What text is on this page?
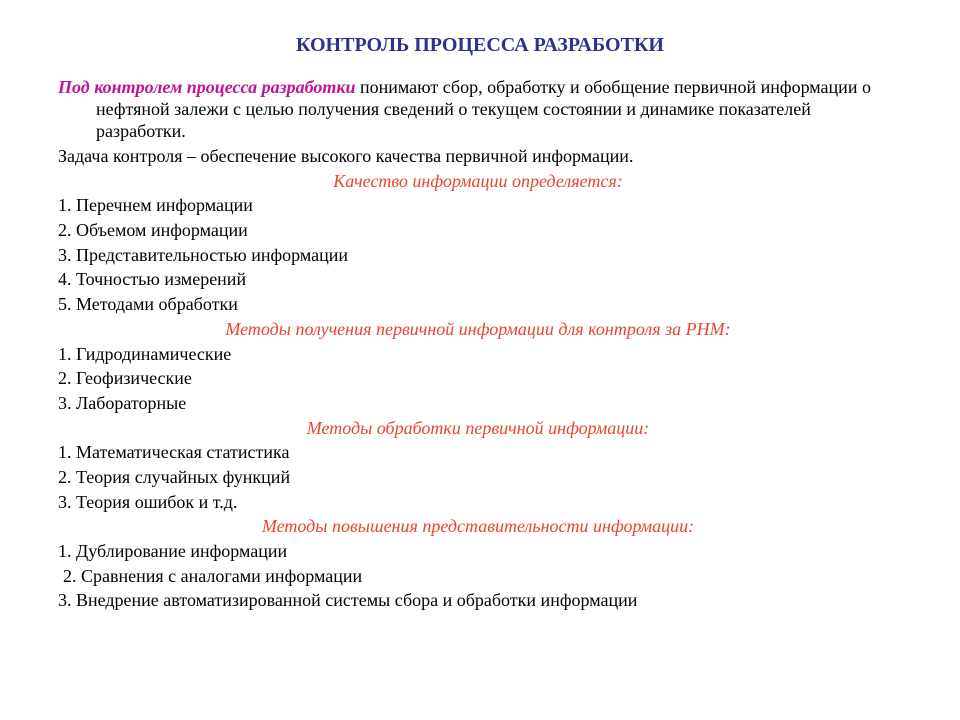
КОНТРОЛЬ ПРОЦЕССА РАЗРАБОТКИ

Под контролем процесса разработки понимают сбор, обработку и обобщение первичной информации о нефтяной залежи с целью получения сведений о текущем состоянии и динамике показателей разработки.

Задача контроля – обеспечение высокого качества первичной информации.
Качество информации определяется:
1. Перечнем информации
2. Объемом информации
3. Представительностью информации
4. Точностью измерений
5. Методами обработки
Методы получения первичной информации для контроля за РНМ:
1. Гидродинамические
2. Геофизические
3. Лабораторные
Методы обработки первичной информации:
1. Математическая статистика
2. Теория случайных функций
3. Теория ошибок и т.д.
Методы повышения представительности информации:
1. Дублирование информации
2. Сравнения с аналогами информации
3. Внедрение автоматизированной системы сбора и обработки информации
